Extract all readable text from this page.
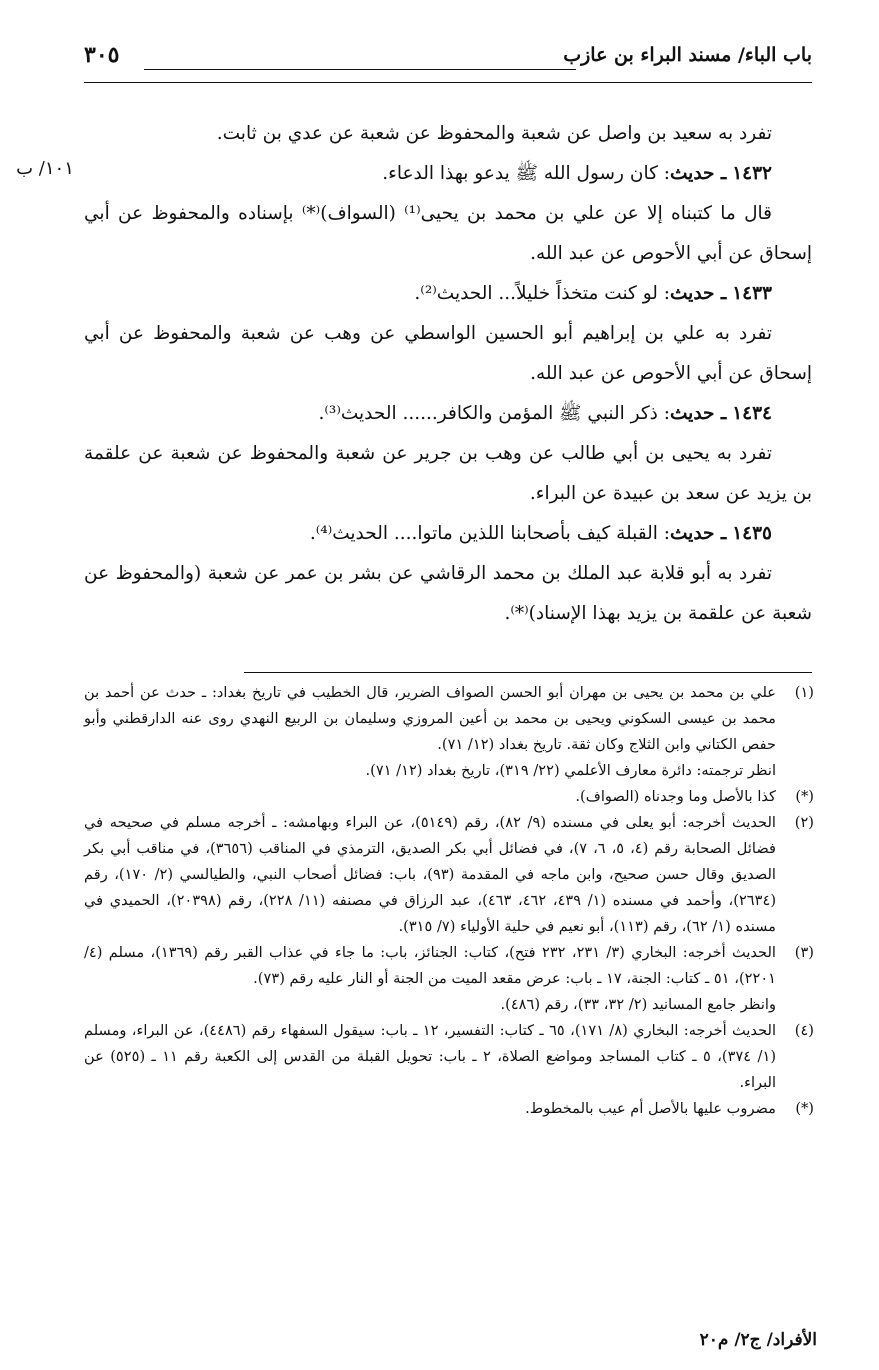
باب الباء/ مسند البراء بن عازب
٣٠٥
١٠١/ ب

تفرد به سعيد بن واصل عن شعبة والمحفوظ عن شعبة عن عدي بن ثابت.

١٤٣٢ ـ حديث: كان رسول الله ﷺ يدعو بهذا الدعاء.

قال ما كتبناه إلا عن علي بن محمد بن يحيى⁽¹⁾ (السواف)⁽*⁾ بإسناده والمحفوظ عن أبي إسحاق عن أبي الأحوص عن عبد الله.

١٤٣٣ ـ حديث: لو كنت متخذاً خليلاً... الحديث⁽²⁾.

تفرد به علي بن إبراهيم أبو الحسين الواسطي عن وهب عن شعبة والمحفوظ عن أبي إسحاق عن أبي الأحوص عن عبد الله.

١٤٣٤ ـ حديث: ذكر النبي ﷺ المؤمن والكافر...... الحديث⁽³⁾.

تفرد به يحيى بن أبي طالب عن وهب بن جرير عن شعبة والمحفوظ عن شعبة عن علقمة بن يزيد عن سعد بن عبيدة عن البراء.

١٤٣٥ ـ حديث: القبلة كيف بأصحابنا اللذين ماتوا.... الحديث⁽⁴⁾.

تفرد به أبو قلابة عبد الملك بن محمد الرقاشي عن بشر بن عمر عن شعبة (والمحفوظ عن شعبة عن علقمة بن يزيد بهذا الإسناد)⁽*⁾.

(١)
علي بن محمد بن يحيى بن مهران أبو الحسن الصواف الضرير، قال الخطيب في تاريخ بغداد: ـ حدث عن أحمد بن محمد بن عيسى السكوني ويحيى بن محمد بن أعين المروزي وسليمان بن الربيع النهدي روى عنه الدارقطني وأبو حفص الكتاني وابن الثلاج وكان ثقة. تاريخ بغداد (١٢/ ٧١).

انظر ترجمته: دائرة معارف الأعلمي (٢٢/ ٣١٩)، تاريخ بغداد (١٢/ ٧١).

(*)
كذا بالأصل وما وجدناه (الصواف).

(٢)
الحديث أخرجه: أبو يعلى في مسنده (٩/ ٨٢)، رقم (٥١٤٩)، عن البراء وبهامشه: ـ أخرجه مسلم في صحيحه في فضائل الصحابة رقم (٤، ٥، ٦، ٧)، في فضائل أبي بكر الصديق، الترمذي في المناقب (٣٦٥٦)، في مناقب أبي بكر الصديق وقال حسن صحيح، وابن ماجه في المقدمة (٩٣)، باب: فضائل أصحاب النبي، والطيالسي (٢/ ١٧٠)، رقم (٢٦٣٤)، وأحمد في مسنده (١/ ٤٣٩، ٤٦٢، ٤٦٣)، عبد الرزاق في مصنفه (١١/ ٢٢٨)، رقم (٢٠٣٩٨)، الحميدي في مسنده (١/ ٦٢)، رقم (١١٣)، أبو نعيم في حلية الأولياء (٧/ ٣١٥).

(٣)
الحديث أخرجه: البخاري (٣/ ٢٣١، ٢٣٢ فتح)، كتاب: الجنائز، باب: ما جاء في عذاب القبر رقم (١٣٦٩)، مسلم (٤/ ٢٢٠١)، ٥١ ـ كتاب: الجنة، ١٧ ـ باب: عرض مقعد الميت من الجنة أو النار عليه رقم (٧٣).

وانظر جامع المسانيد (٢/ ٣٢، ٣٣)، رقم (٤٨٦).

(٤)
الحديث أخرجه: البخاري (٨/ ١٧١)، ٦٥ ـ كتاب: التفسير، ١٢ ـ باب: سيقول السفهاء رقم (٤٤٨٦)، عن البراء، ومسلم (١/ ٣٧٤)، ٥ ـ كتاب المساجد ومواضع الصلاة، ٢ ـ باب: تحويل القبلة من القدس إلى الكعبة رقم ١١ ـ (٥٢٥) عن البراء.

(*)
مضروب عليها بالأصل أم عيب بالمخطوط.

الأفراد/ ج٢/ م٢٠
